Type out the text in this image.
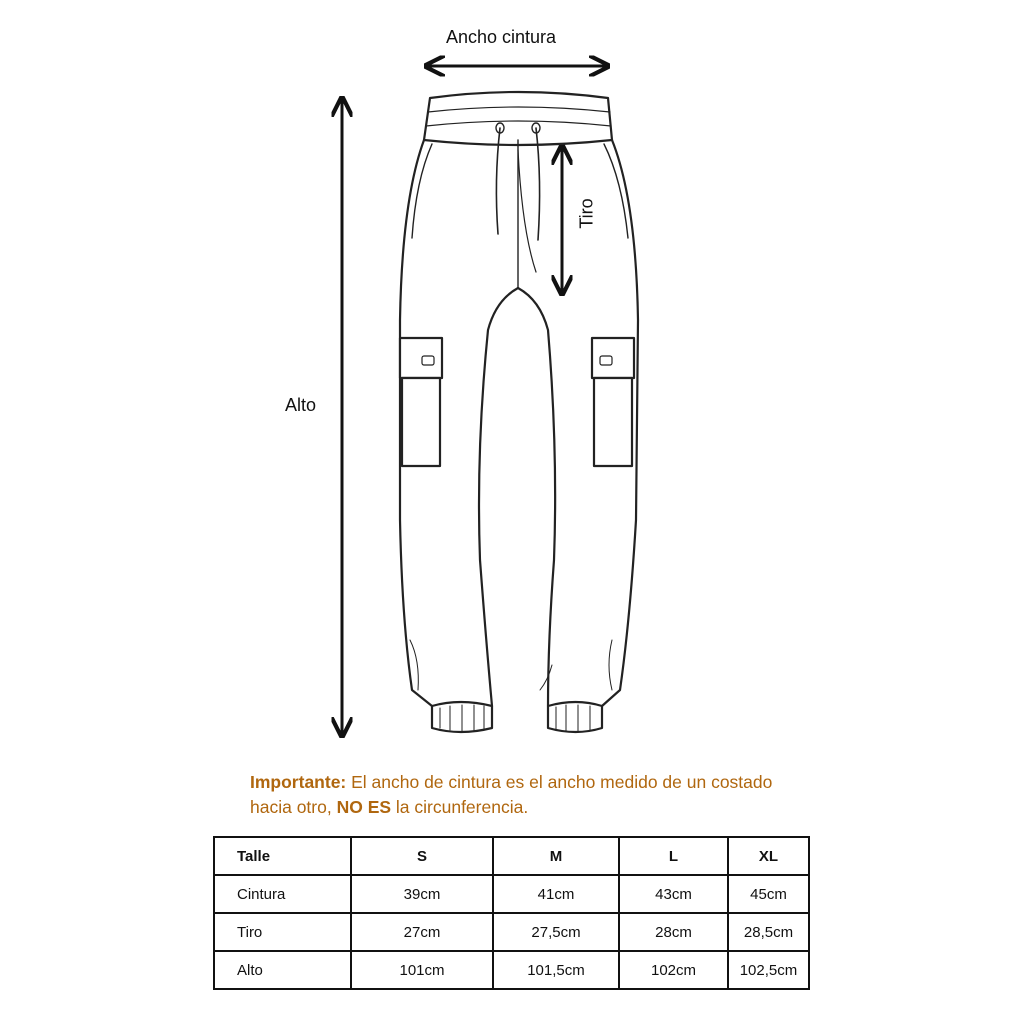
Ancho cintura
Tiro
Alto
Importante: El ancho de cintura es el ancho medido de un costado hacia otro, NO ES la circunferencia.
Talle	S	M	L	XL
Cintura	39cm	41cm	43cm	45cm
Tiro	27cm	27,5cm	28cm	28,5cm
Alto	101cm	101,5cm	102cm	102,5cm
